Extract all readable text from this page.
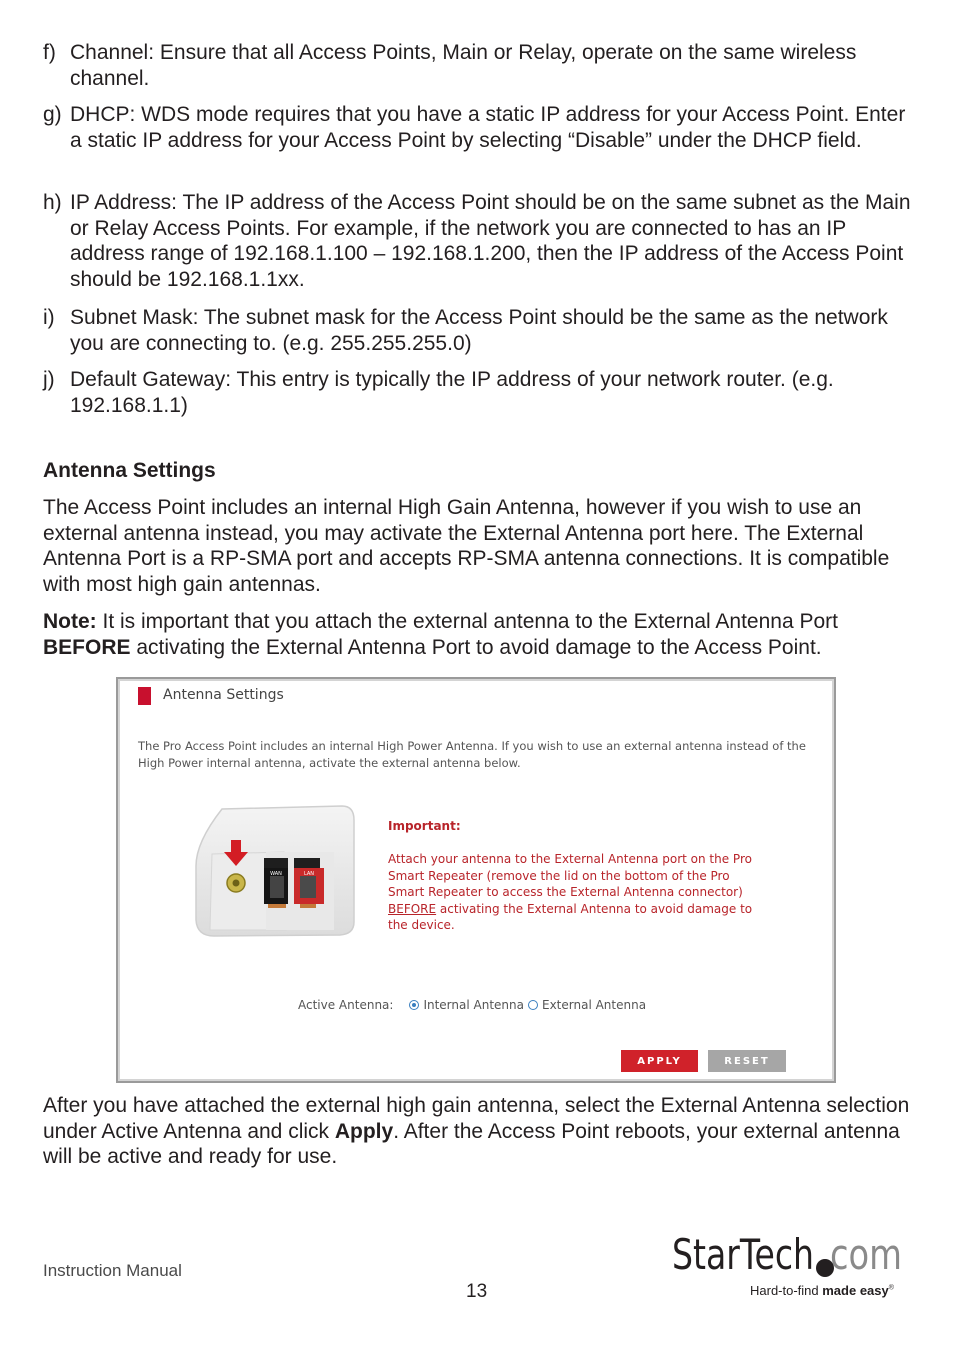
f) Channel: Ensure that all Access Points, Main or Relay, operate on the same wireless channel.
g) DHCP: WDS mode requires that you have a static IP address for your Access Point. Enter a static IP address for your Access Point by selecting “Disable” under the DHCP field.
h) IP Address: The IP address of the Access Point should be on the same subnet as the Main or Relay Access Points. For example, if the network you are connected to has an IP address range of 192.168.1.100 – 192.168.1.200, then the IP address of the Access Point should be 192.168.1.1xx.
i) Subnet Mask: The subnet mask for the Access Point should be the same as the network you are connecting to. (e.g. 255.255.255.0)
j) Default Gateway: This entry is typically the IP address of your network router. (e.g. 192.168.1.1)
Antenna Settings
The Access Point includes an internal High Gain Antenna, however if you wish to use an external antenna instead, you may activate the External Antenna port here. The External Antenna Port is a RP-SMA port and accepts RP-SMA antenna connections. It is compatible with most high gain antennas.
Note: It is important that you attach the external antenna to the External Antenna Port BEFORE activating the External Antenna Port to avoid damage to the Access Point.
Antenna Settings
The Pro Access Point includes an internal High Power Antenna. If you wish to use an external antenna instead of the High Power internal antenna, activate the external antenna below.
WAN	LAN
Important:
Attach your antenna to the External Antenna port on the Pro Smart Repeater (remove the lid on the bottom of the Pro Smart Repeater to access the External Antenna connector) BEFORE activating the External Antenna to avoid damage to the device.
Active Antenna:	Internal Antenna External Antenna
APPLY	RESET
After you have attached the external high gain antenna, select the External Antenna selection under Active Antenna and click Apply. After the Access Point reboots, your external antenna will be active and ready for use.
Instruction Manual
13
StarTech com
Hard-to-find made easy®
